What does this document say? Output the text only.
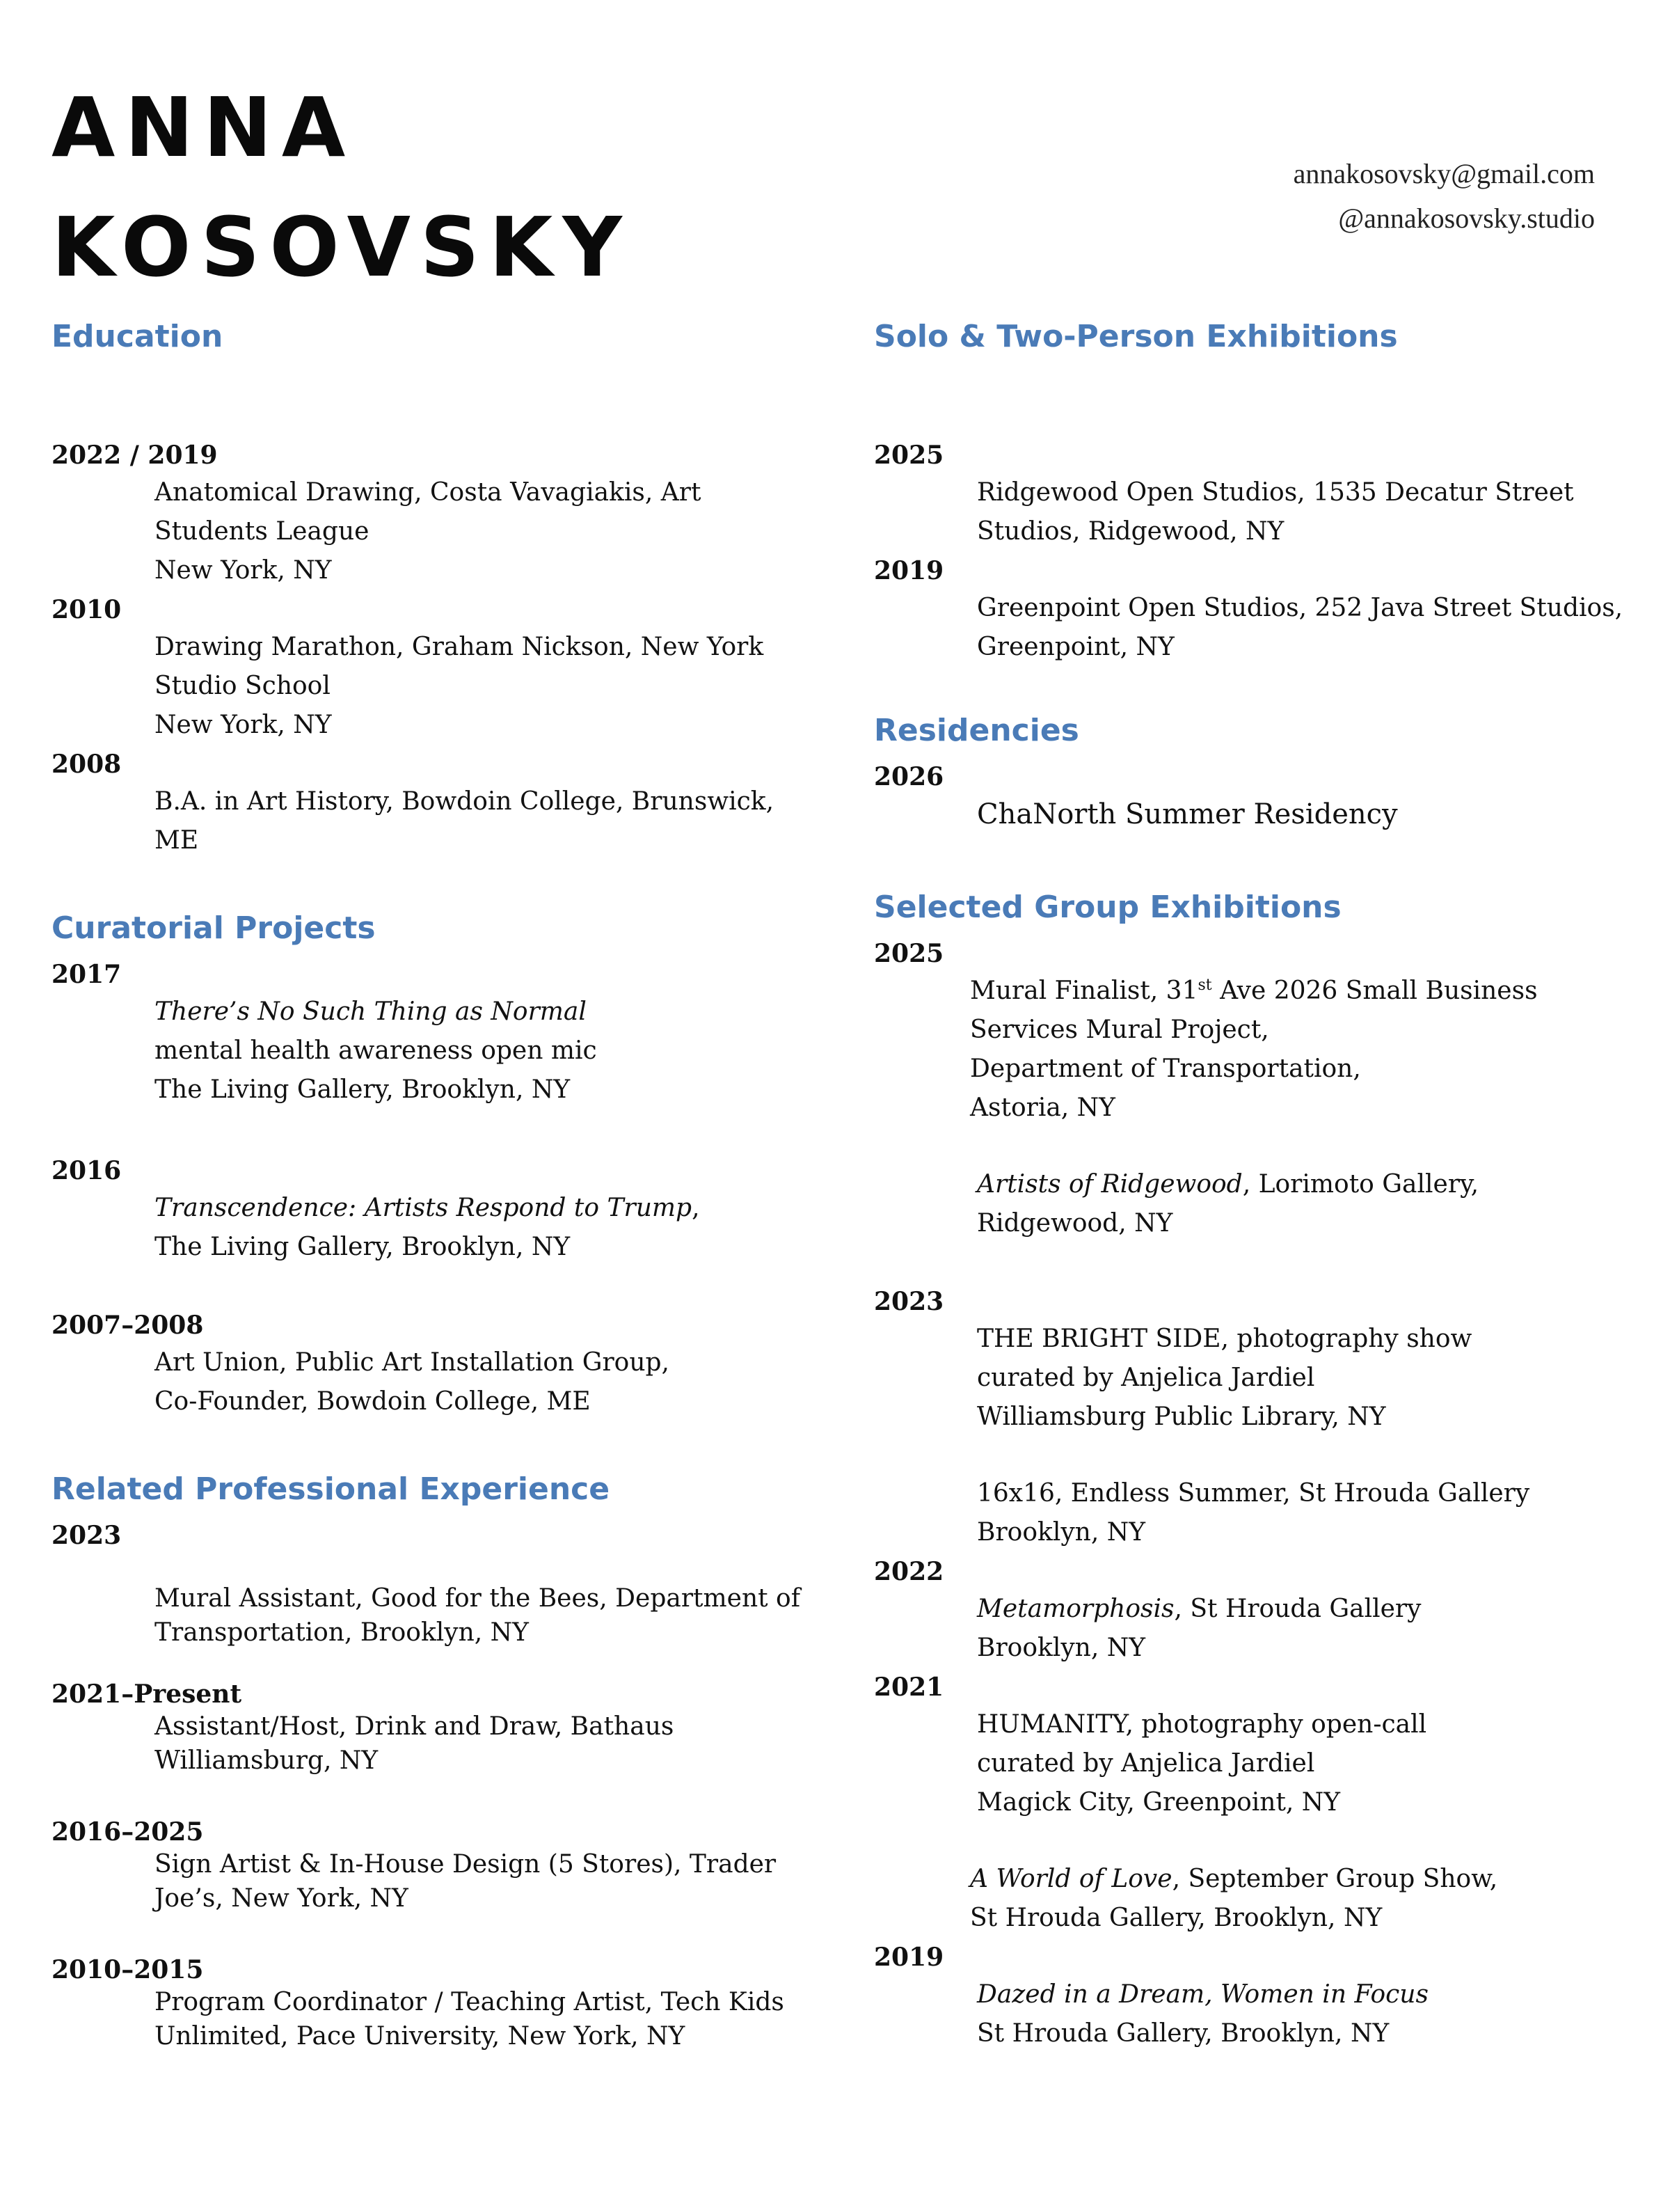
ANNA
KOSOVSKY
annakosovsky@gmail.com
@annakosovsky.studio
Education
2022 / 2019
Anatomical Drawing, Costa Vavagiakis, Art
Students League
New York, NY
2010
Drawing Marathon, Graham Nickson, New York
Studio School
New York, NY
2008
B.A. in Art History, Bowdoin College, Brunswick,
ME
Curatorial Projects
2017
There’s No Such Thing as Normal
mental health awareness open mic
The Living Gallery, Brooklyn, NY
2016
Transcendence: Artists Respond to Trump,
The Living Gallery, Brooklyn, NY
2007–2008
Art Union, Public Art Installation Group,
Co-Founder, Bowdoin College, ME
Related Professional Experience
2023
Mural Assistant, Good for the Bees, Department of
Transportation, Brooklyn, NY
2021–Present
Assistant/Host, Drink and Draw, Bathaus
Williamsburg, NY
2016–2025
Sign Artist & In-House Design (5 Stores), Trader
Joe’s, New York, NY
2010–2015
Program Coordinator / Teaching Artist, Tech Kids
Unlimited, Pace University, New York, NY
Solo & Two-Person Exhibitions
2025
Ridgewood Open Studios, 1535 Decatur Street
Studios, Ridgewood, NY
2019
Greenpoint Open Studios, 252 Java Street Studios,
Greenpoint, NY
Residencies
2026
ChaNorth Summer Residency
Selected Group Exhibitions
2025
Mural Finalist, 31st Ave 2026 Small Business
Services Mural Project,
Department of Transportation,
Astoria, NY
Artists of Ridgewood, Lorimoto Gallery,
Ridgewood, NY
2023
THE BRIGHT SIDE, photography show
curated by Anjelica Jardiel
Williamsburg Public Library, NY
16x16, Endless Summer, St Hrouda Gallery
Brooklyn, NY
2022
Metamorphosis, St Hrouda Gallery
Brooklyn, NY
2021
HUMANITY, photography open-call
curated by Anjelica Jardiel
Magick City, Greenpoint, NY
A World of Love, September Group Show,
St Hrouda Gallery, Brooklyn, NY
2019
Dazed in a Dream, Women in Focus
St Hrouda Gallery, Brooklyn, NY
